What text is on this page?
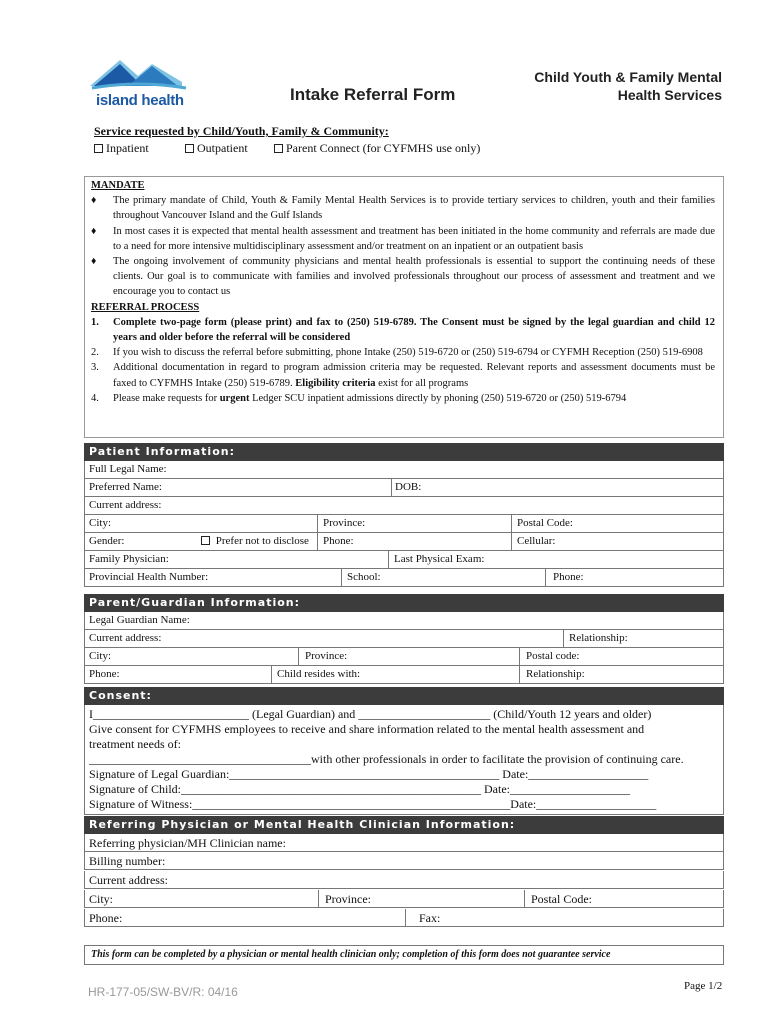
island health	Intake Referral Form
Child Youth & Family Mental
Health Services
Service requested by Child/Youth, Family & Community:
Inpatient	Outpatient	Parent Connect (for CYFMHS use only)
MANDATE
♦ The primary mandate of Child, Youth & Family Mental Health Services is to provide tertiary services to children, youth and their families throughout Vancouver Island and the Gulf Islands
♦ In most cases it is expected that mental health assessment and treatment has been initiated in the home community and referrals are made due to a need for more intensive multidisciplinary assessment and/or treatment on an inpatient or an outpatient basis
♦ The ongoing involvement of community physicians and mental health professionals is essential to support the continuing needs of these clients. Our goal is to communicate with families and involved professionals throughout our process of assessment and treatment and we encourage you to contact us
REFERRAL PROCESS
1. Complete two-page form (please print) and fax to (250) 519-6789. The Consent must be signed by the legal guardian and child 12 years and older before the referral will be considered
2. If you wish to discuss the referral before submitting, phone Intake (250) 519-6720 or (250) 519-6794 or CYFMH Reception (250) 519-6908
3. Additional documentation in regard to program admission criteria may be requested. Relevant reports and assessment documents must be faxed to CYFMHS Intake (250) 519-6789. Eligibility criteria exist for all programs
4. Please make requests for urgent Ledger SCU inpatient admissions directly by phoning (250) 519-6720 or (250) 519-6794
Patient Information:
Full Legal Name:
Preferred Name:	DOB:
Current address:
City:	Province:	Postal Code:
Gender:	Prefer not to disclose	Phone:	Cellular:
Family Physician:	Last Physical Exam:
Provincial Health Number:	School:	Phone:
Parent/Guardian Information:
Legal Guardian Name:
Current address:	Relationship:
City:	Province:	Postal code:
Phone:	Child resides with:	Relationship:
Consent:
I__________________________ (Legal Guardian) and ______________________ (Child/Youth 12 years and older)
Give consent for CYFMHS employees to receive and share information related to the mental health assessment and
treatment needs of:
_____________________________________with other professionals in order to facilitate the provision of continuing care.
Signature of Legal Guardian:_____________________________________________ Date:____________________
Signature of Child:__________________________________________________ Date:____________________
Signature of Witness:_____________________________________________________Date:____________________
Referring Physician or Mental Health Clinician Information:
Referring physician/MH Clinician name:
Billing number:
Current address:
City:	Province:	Postal Code:
Phone:	Fax:
This form can be completed by a physician or mental health clinician only; completion of this form does not guarantee service
HR-177-05/SW-BV/R: 04/16	Page 1/2
